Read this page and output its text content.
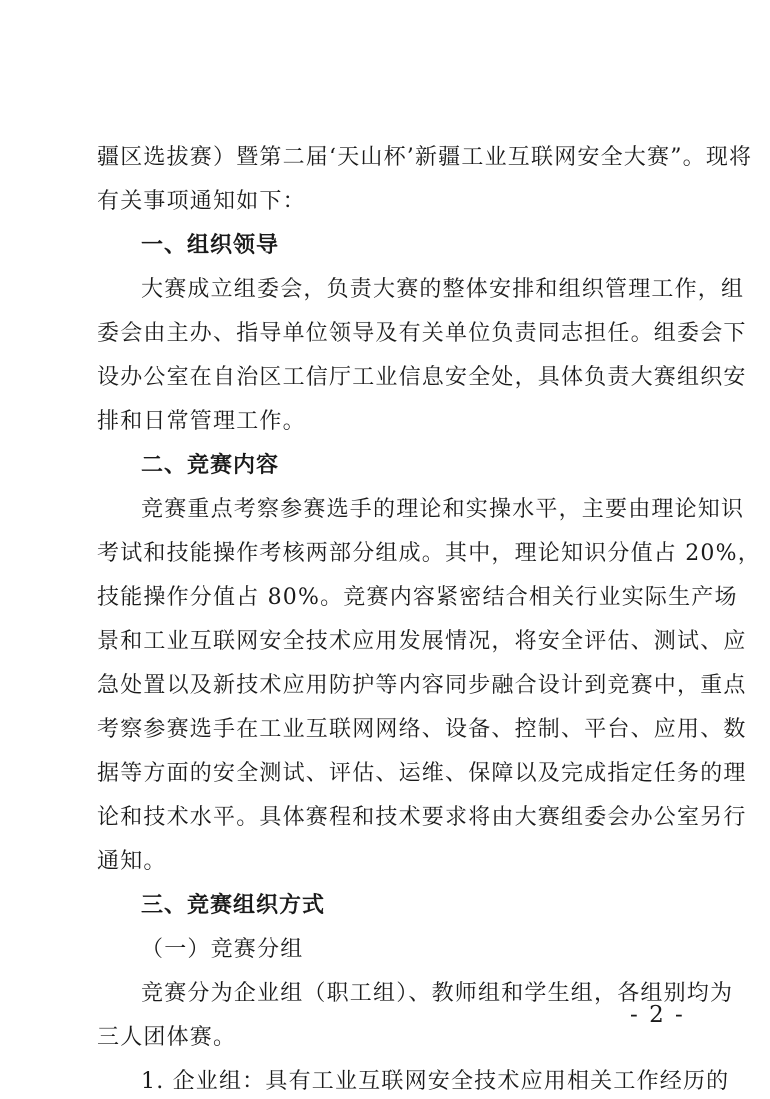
疆区选拔赛）暨第二届‘天山杯’新疆工业互联网安全大赛”。现将
有关事项通知如下：
一、组织领导
大赛成立组委会，负责大赛的整体安排和组织管理工作，组
委会由主办、指导单位领导及有关单位负责同志担任。组委会下
设办公室在自治区工信厅工业信息安全处，具体负责大赛组织安
排和日常管理工作。
二、竞赛内容
竞赛重点考察参赛选手的理论和实操水平，主要由理论知识
考试和技能操作考核两部分组成。其中，理论知识分值占 20%，
技能操作分值占 80%。竞赛内容紧密结合相关行业实际生产场
景和工业互联网安全技术应用发展情况，将安全评估、测试、应
急处置以及新技术应用防护等内容同步融合设计到竞赛中，重点
考察参赛选手在工业互联网网络、设备、控制、平台、应用、数
据等方面的安全测试、评估、运维、保障以及完成指定任务的理
论和技术水平。具体赛程和技术要求将由大赛组委会办公室另行
通知。
三、竞赛组织方式
（一）竞赛分组
竞赛分为企业组（职工组）、教师组和学生组，各组别均为
三人团体赛。
1. 企业组：具有工业互联网安全技术应用相关工作经历的
- 2 -
